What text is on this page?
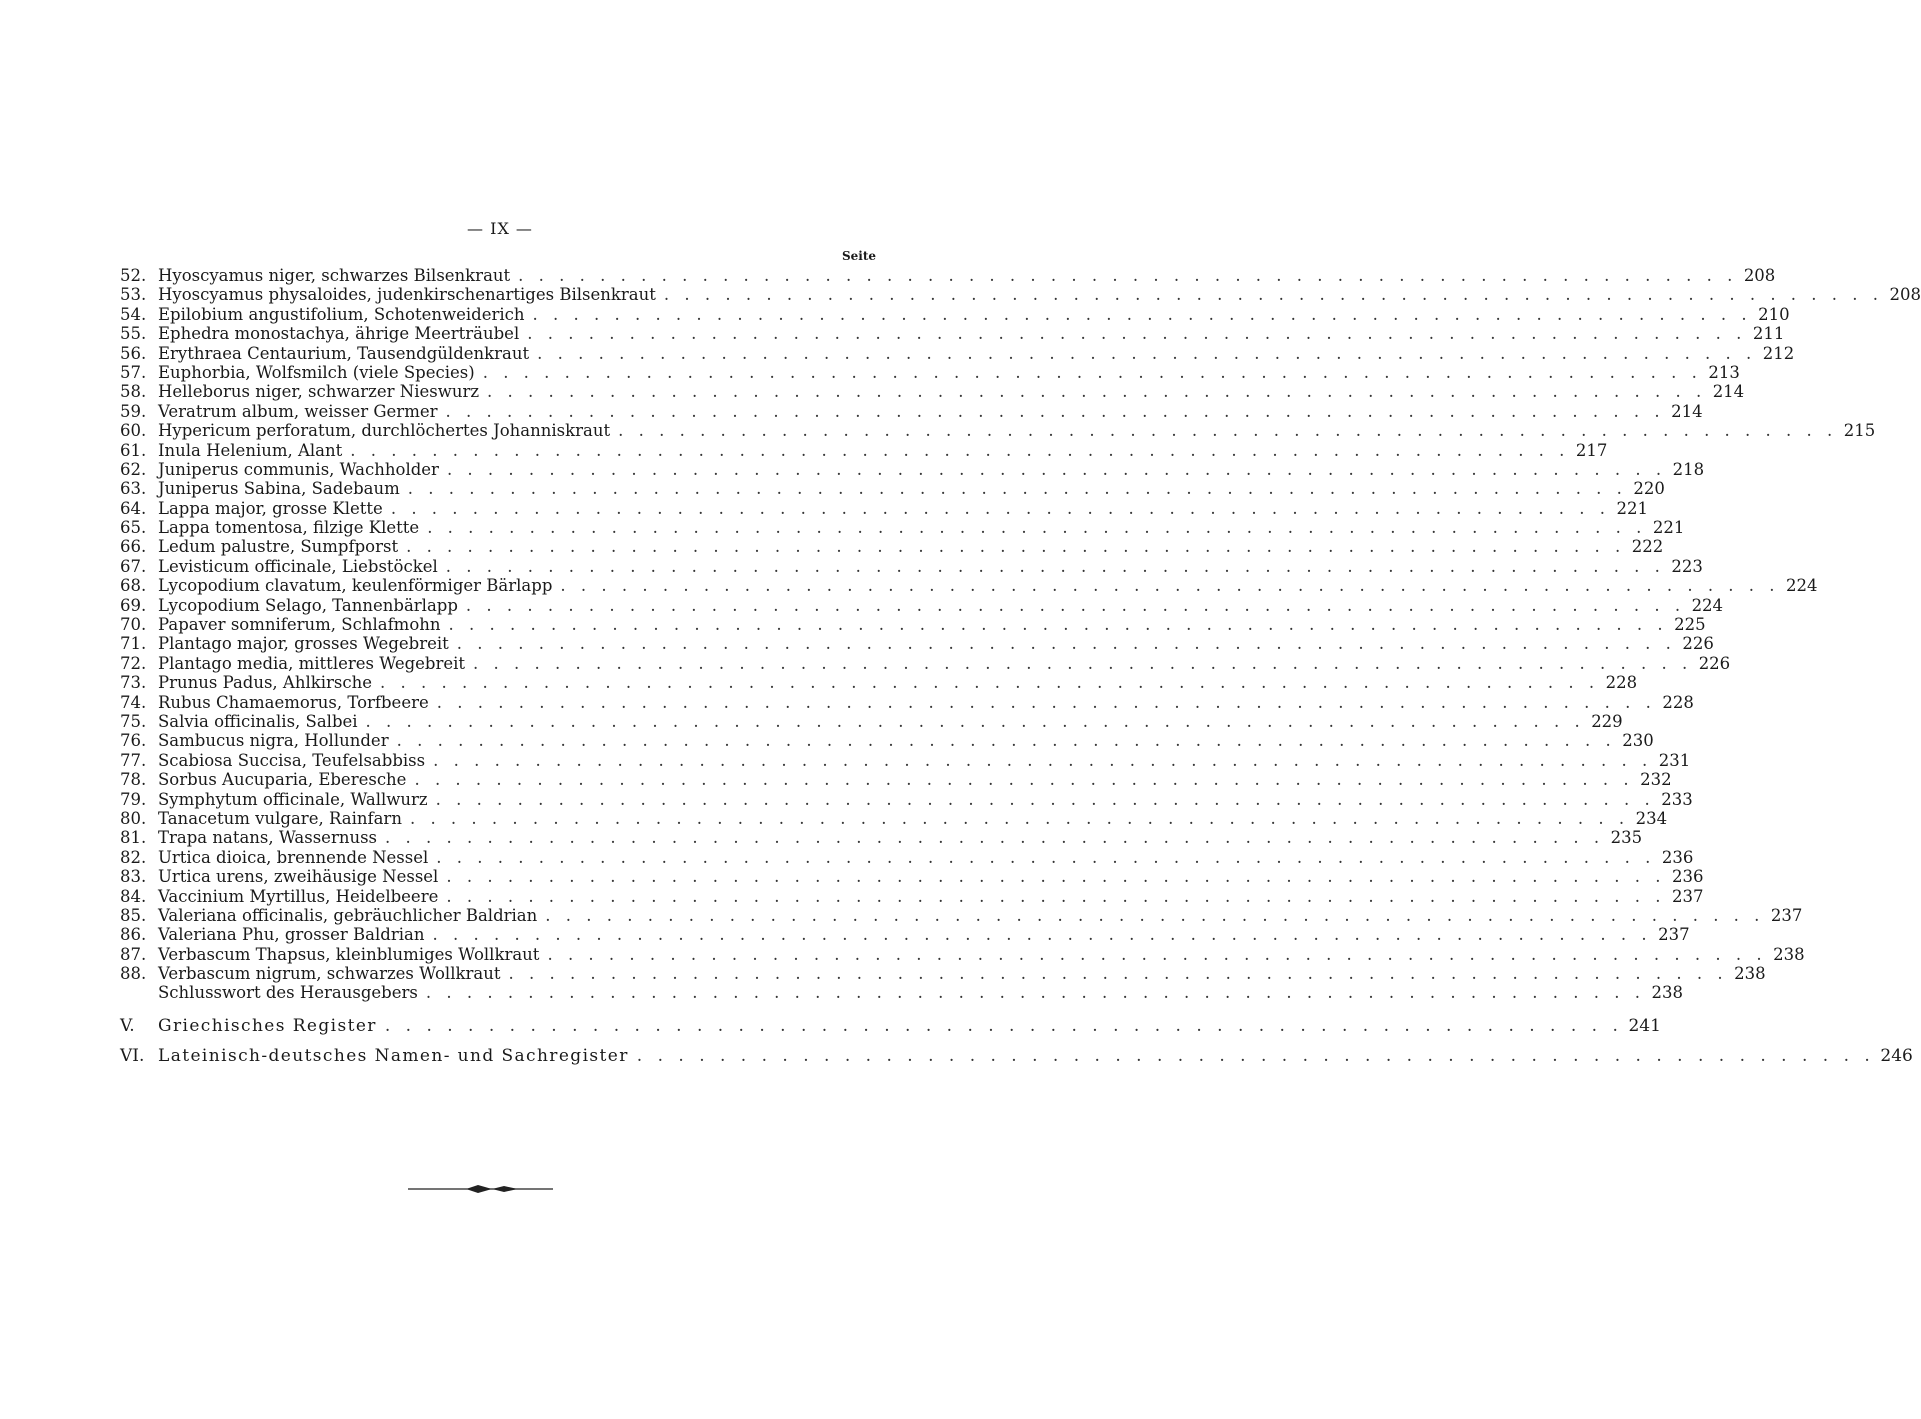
— IX —
Seite
52. Hyoscyamus niger, schwarzes Bilsenkraut . . . . . . . . . . . . . . . . . . . . . . . . . . . . . . . . . . . . . . . . . . . . . . . . . . . . . . . . . . . . 208
53. Hyoscyamus physaloides, judenkirschenartiges Bilsenkraut . . . . . . . . . . . . . . . . . . . . . . . . . . . . . . . . . . . . . . . . . . . . . . . . . . . . . . . . . . . . 208
54. Epilobium angustifolium, Schotenweiderich . . . . . . . . . . . . . . . . . . . . . . . . . . . . . . . . . . . . . . . . . . . . . . . . . . . . . . . . . . . . 210
55. Ephedra monostachya, ährige Meerträubel . . . . . . . . . . . . . . . . . . . . . . . . . . . . . . . . . . . . . . . . . . . . . . . . . . . . . . . . . . . . 211
56. Erythraea Centaurium, Tausendgüldenkraut . . . . . . . . . . . . . . . . . . . . . . . . . . . . . . . . . . . . . . . . . . . . . . . . . . . . . . . . . . . . 212
57. Euphorbia, Wolfsmilch (viele Species) . . . . . . . . . . . . . . . . . . . . . . . . . . . . . . . . . . . . . . . . . . . . . . . . . . . . . . . . . . . . 213
58. Helleborus niger, schwarzer Nieswurz . . . . . . . . . . . . . . . . . . . . . . . . . . . . . . . . . . . . . . . . . . . . . . . . . . . . . . . . . . . . 214
59. Veratrum album, weisser Germer . . . . . . . . . . . . . . . . . . . . . . . . . . . . . . . . . . . . . . . . . . . . . . . . . . . . . . . . . . . . 214
60. Hypericum perforatum, durchlöchertes Johanniskraut . . . . . . . . . . . . . . . . . . . . . . . . . . . . . . . . . . . . . . . . . . . . . . . . . . . . . . . . . . . . 215
61. Inula Helenium, Alant . . . . . . . . . . . . . . . . . . . . . . . . . . . . . . . . . . . . . . . . . . . . . . . . . . . . . . . . . . . . 217
62. Juniperus communis, Wachholder . . . . . . . . . . . . . . . . . . . . . . . . . . . . . . . . . . . . . . . . . . . . . . . . . . . . . . . . . . . . 218
63. Juniperus Sabina, Sadebaum . . . . . . . . . . . . . . . . . . . . . . . . . . . . . . . . . . . . . . . . . . . . . . . . . . . . . . . . . . . . 220
64. Lappa major, grosse Klette . . . . . . . . . . . . . . . . . . . . . . . . . . . . . . . . . . . . . . . . . . . . . . . . . . . . . . . . . . . . 221
65. Lappa tomentosa, filzige Klette . . . . . . . . . . . . . . . . . . . . . . . . . . . . . . . . . . . . . . . . . . . . . . . . . . . . . . . . . . . . 221
66. Ledum palustre, Sumpfporst . . . . . . . . . . . . . . . . . . . . . . . . . . . . . . . . . . . . . . . . . . . . . . . . . . . . . . . . . . . . 222
67. Levisticum officinale, Liebstöckel . . . . . . . . . . . . . . . . . . . . . . . . . . . . . . . . . . . . . . . . . . . . . . . . . . . . . . . . . . . . 223
68. Lycopodium clavatum, keulenförmiger Bärlapp . . . . . . . . . . . . . . . . . . . . . . . . . . . . . . . . . . . . . . . . . . . . . . . . . . . . . . . . . . . . 224
69. Lycopodium Selago, Tannenbärlapp . . . . . . . . . . . . . . . . . . . . . . . . . . . . . . . . . . . . . . . . . . . . . . . . . . . . . . . . . . . . 224
70. Papaver somniferum, Schlafmohn . . . . . . . . . . . . . . . . . . . . . . . . . . . . . . . . . . . . . . . . . . . . . . . . . . . . . . . . . . . . 225
71. Plantago major, grosses Wegebreit . . . . . . . . . . . . . . . . . . . . . . . . . . . . . . . . . . . . . . . . . . . . . . . . . . . . . . . . . . . . 226
72. Plantago media, mittleres Wegebreit . . . . . . . . . . . . . . . . . . . . . . . . . . . . . . . . . . . . . . . . . . . . . . . . . . . . . . . . . . . . 226
73. Prunus Padus, Ahlkirsche . . . . . . . . . . . . . . . . . . . . . . . . . . . . . . . . . . . . . . . . . . . . . . . . . . . . . . . . . . . . 228
74. Rubus Chamaemorus, Torfbeere . . . . . . . . . . . . . . . . . . . . . . . . . . . . . . . . . . . . . . . . . . . . . . . . . . . . . . . . . . . . 228
75. Salvia officinalis, Salbei . . . . . . . . . . . . . . . . . . . . . . . . . . . . . . . . . . . . . . . . . . . . . . . . . . . . . . . . . . . . 229
76. Sambucus nigra, Hollunder . . . . . . . . . . . . . . . . . . . . . . . . . . . . . . . . . . . . . . . . . . . . . . . . . . . . . . . . . . . . 230
77. Scabiosa Succisa, Teufelsabbiss . . . . . . . . . . . . . . . . . . . . . . . . . . . . . . . . . . . . . . . . . . . . . . . . . . . . . . . . . . . . 231
78. Sorbus Aucuparia, Eberesche . . . . . . . . . . . . . . . . . . . . . . . . . . . . . . . . . . . . . . . . . . . . . . . . . . . . . . . . . . . . 232
79. Symphytum officinale, Wallwurz . . . . . . . . . . . . . . . . . . . . . . . . . . . . . . . . . . . . . . . . . . . . . . . . . . . . . . . . . . . . 233
80. Tanacetum vulgare, Rainfarn . . . . . . . . . . . . . . . . . . . . . . . . . . . . . . . . . . . . . . . . . . . . . . . . . . . . . . . . . . . . 234
81. Trapa natans, Wassernuss . . . . . . . . . . . . . . . . . . . . . . . . . . . . . . . . . . . . . . . . . . . . . . . . . . . . . . . . . . . . 235
82. Urtica dioica, brennende Nessel . . . . . . . . . . . . . . . . . . . . . . . . . . . . . . . . . . . . . . . . . . . . . . . . . . . . . . . . . . . . 236
83. Urtica urens, zweihäusige Nessel . . . . . . . . . . . . . . . . . . . . . . . . . . . . . . . . . . . . . . . . . . . . . . . . . . . . . . . . . . . . 236
84. Vaccinium Myrtillus, Heidelbeere . . . . . . . . . . . . . . . . . . . . . . . . . . . . . . . . . . . . . . . . . . . . . . . . . . . . . . . . . . . . 237
85. Valeriana officinalis, gebräuchlicher Baldrian . . . . . . . . . . . . . . . . . . . . . . . . . . . . . . . . . . . . . . . . . . . . . . . . . . . . . . . . . . . . 237
86. Valeriana Phu, grosser Baldrian . . . . . . . . . . . . . . . . . . . . . . . . . . . . . . . . . . . . . . . . . . . . . . . . . . . . . . . . . . . . 237
87. Verbascum Thapsus, kleinblumiges Wollkraut . . . . . . . . . . . . . . . . . . . . . . . . . . . . . . . . . . . . . . . . . . . . . . . . . . . . . . . . . . . . 238
88. Verbascum nigrum, schwarzes Wollkraut . . . . . . . . . . . . . . . . . . . . . . . . . . . . . . . . . . . . . . . . . . . . . . . . . . . . . . . . . . . . 238
Schlusswort des Herausgebers . . . . . . . . . . . . . . . . . . . . . . . . . . . . . . . . . . . . . . . . . . . . . . . . . . . . . . . . . . . . 238
V.	Griechisches Register . . . . . . . . . . . . . . . . . . . . . . . . . . . . . . . . . . . . . . . . . . . . . . . . . . . . . . . . . . . . 241
VI. Lateinisch-deutsches Namen- und Sachregister . . . . . . . . . . . . . . . . . . . . . . . . . . . . . . . . . . . . . . . . . . . . . . . . . . . . . . . . . . . . 246
